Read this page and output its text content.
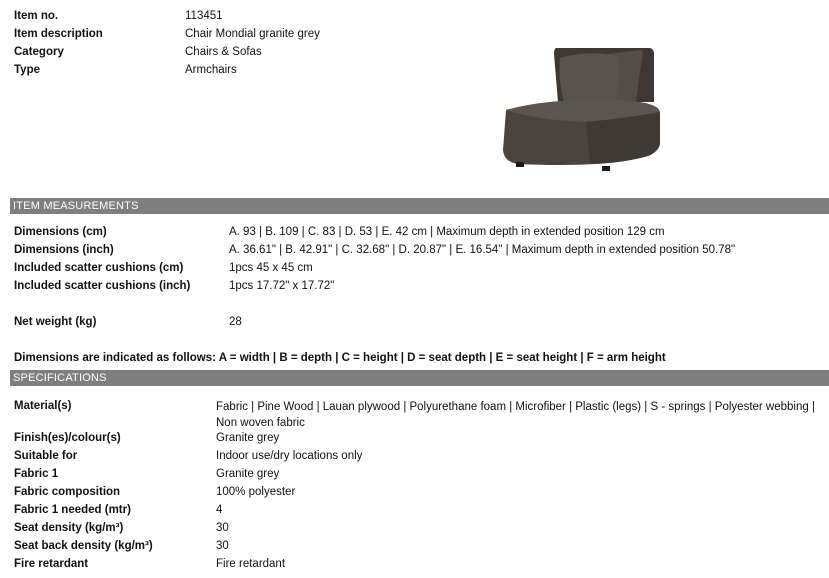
Item no.	113451
Item description	Chair Mondial granite grey
Category	Chairs & Sofas
Type	Armchairs
ITEM MEASUREMENTS
Dimensions (cm)	A. 93 | B. 109 | C. 83 | D. 53 | E. 42 cm | Maximum depth in extended position 129 cm
Dimensions (inch)	A. 36.61" | B. 42.91" | C. 32.68" | D. 20.87" | E. 16.54" | Maximum depth in extended position 50.78"
Included scatter cushions (cm)	1pcs 45 x 45 cm
Included scatter cushions (inch)	1pcs 17.72" x 17.72"
Net weight (kg)	28
Dimensions are indicated as follows: A = width | B = depth | C = height | D = seat depth | E = seat height | F = arm height
SPECIFICATIONS
Material(s)	Fabric | Pine Wood | Lauan plywood | Polyurethane foam | Microfiber | Plastic (legs) | S - springs | Polyester webbing | Non woven fabric
Finish(es)/colour(s)	Granite grey
Suitable for	Indoor use/dry locations only
Fabric 1	Granite grey
Fabric composition	100% polyester
Fabric 1 needed (mtr)	4
Seat density (kg/m³)	30
Seat back density (kg/m³)	30
Fire retardant	Fire retardant
